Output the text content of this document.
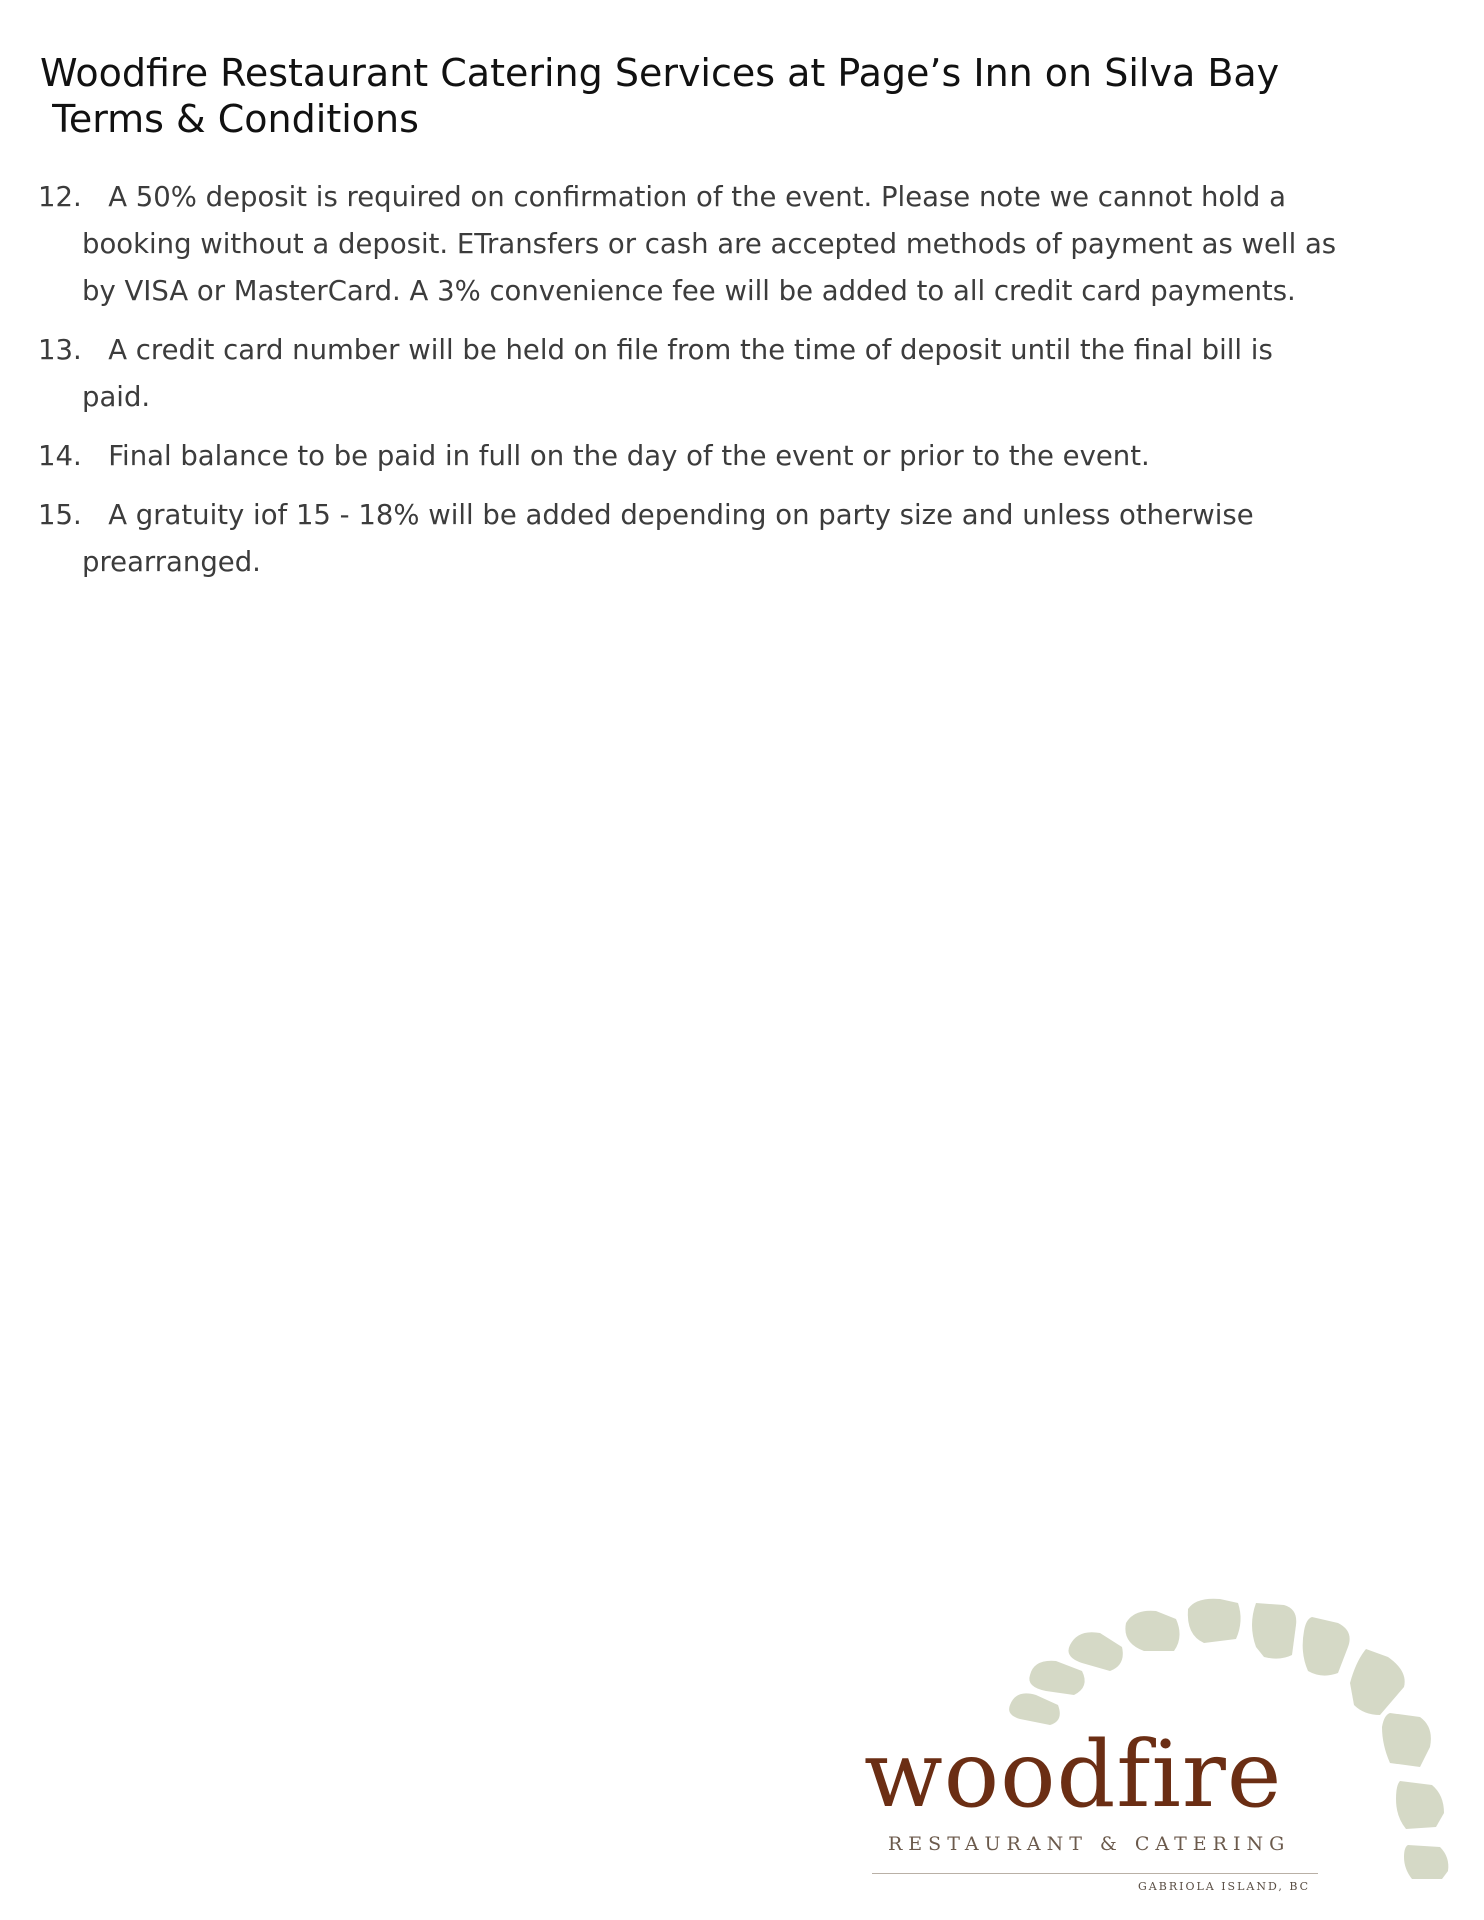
Woodfire Restaurant Catering Services at Page’s Inn on Silva Bay
Terms & Conditions
12. A 50% deposit is required on confirmation of the event. Please note we cannot hold a booking without a deposit. ETransfers or cash are accepted methods of payment as well as by VISA or MasterCard. A 3% convenience fee will be added to all credit card payments.
13. A credit card number will be held on file from the time of deposit until the final bill is paid.
14. Final balance to be paid in full on the day of the event or prior to the event.
15. A gratuity iof 15 - 18% will be added depending on party size and unless otherwise prearranged.
woodfire
RESTAURANT & CATERING
GABRIOLA ISLAND, BC
